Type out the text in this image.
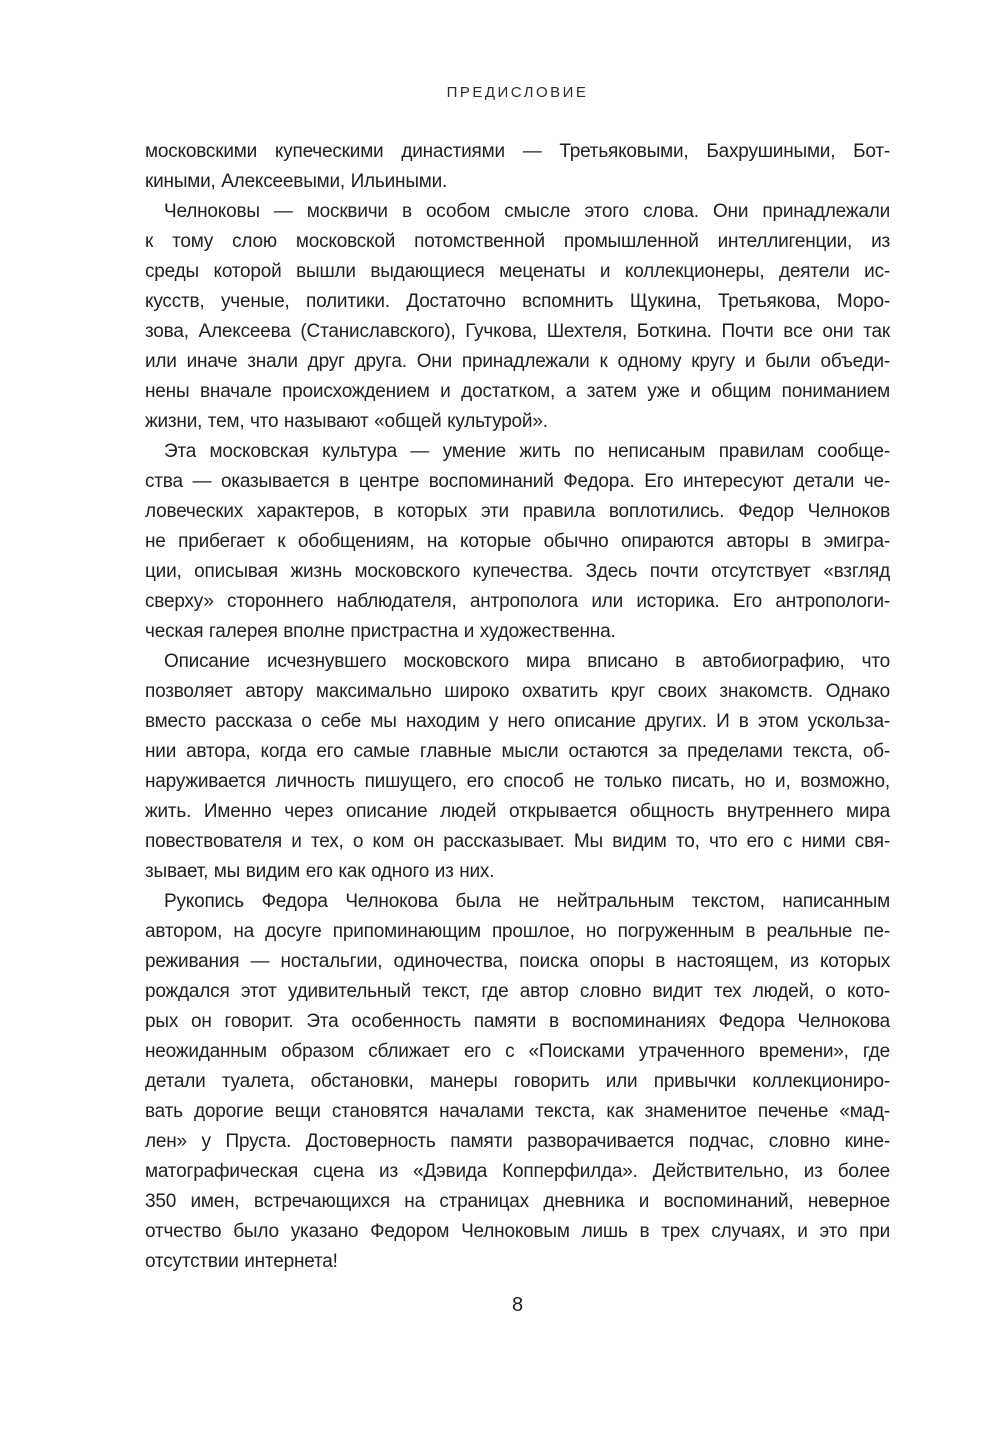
ПРЕДИСЛОВИЕ
московскими купеческими династиями — Третьяковыми, Бахрушиными, Бот-
киными, Алексеевыми, Ильиными.
Челноковы — москвичи в особом смысле этого слова. Они принадлежали
к тому слою московской потомственной промышленной интеллигенции, из
среды которой вышли выдающиеся меценаты и коллекционеры, деятели ис-
кусств, ученые, политики. Достаточно вспомнить Щукина, Третьякова, Моро-
зова, Алексеева (Станиславского), Гучкова, Шехтеля, Боткина. Почти все они так
или иначе знали друг друга. Они принадлежали к одному кругу и были объеди-
нены вначале происхождением и достатком, а затем уже и общим пониманием
жизни, тем, что называют «общей культурой».
Эта московская культура — умение жить по неписаным правилам сообще-
ства — оказывается в центре воспоминаний Федора. Его интересуют детали че-
ловеческих характеров, в которых эти правила воплотились. Федор Челноков
не прибегает к обобщениям, на которые обычно опираются авторы в эмигра-
ции, описывая жизнь московского купечества. Здесь почти отсутствует «взгляд
сверху» стороннего наблюдателя, антрополога или историка. Его антропологи-
ческая галерея вполне пристрастна и художественна.
Описание исчезнувшего московского мира вписано в автобиографию, что
позволяет автору максимально широко охватить круг своих знакомств. Однако
вместо рассказа о себе мы находим у него описание других. И в этом ускольза-
нии автора, когда его самые главные мысли остаются за пределами текста, об-
наруживается личность пишущего, его способ не только писать, но и, возможно,
жить. Именно через описание людей открывается общность внутреннего мира
повествователя и тех, о ком он рассказывает. Мы видим то, что его с ними свя-
зывает, мы видим его как одного из них.
Рукопись Федора Челнокова была не нейтральным текстом, написанным
автором, на досуге припоминающим прошлое, но погруженным в реальные пе-
реживания — ностальгии, одиночества, поиска опоры в настоящем, из которых
рождался этот удивительный текст, где автор словно видит тех людей, о кото-
рых он говорит. Эта особенность памяти в воспоминаниях Федора Челнокова
неожиданным образом сближает его с «Поисками утраченного времени», где
детали туалета, обстановки, манеры говорить или привычки коллекциониро-
вать дорогие вещи становятся началами текста, как знаменитое печенье «мад-
лен» у Пруста. Достоверность памяти разворачивается подчас, словно кине-
матографическая сцена из «Дэвида Копперфилда». Действительно, из более
350 имен, встречающихся на страницах дневника и воспоминаний, неверное
отчество было указано Федором Челноковым лишь в трех случаях, и это при
отсутствии интернета!
8
